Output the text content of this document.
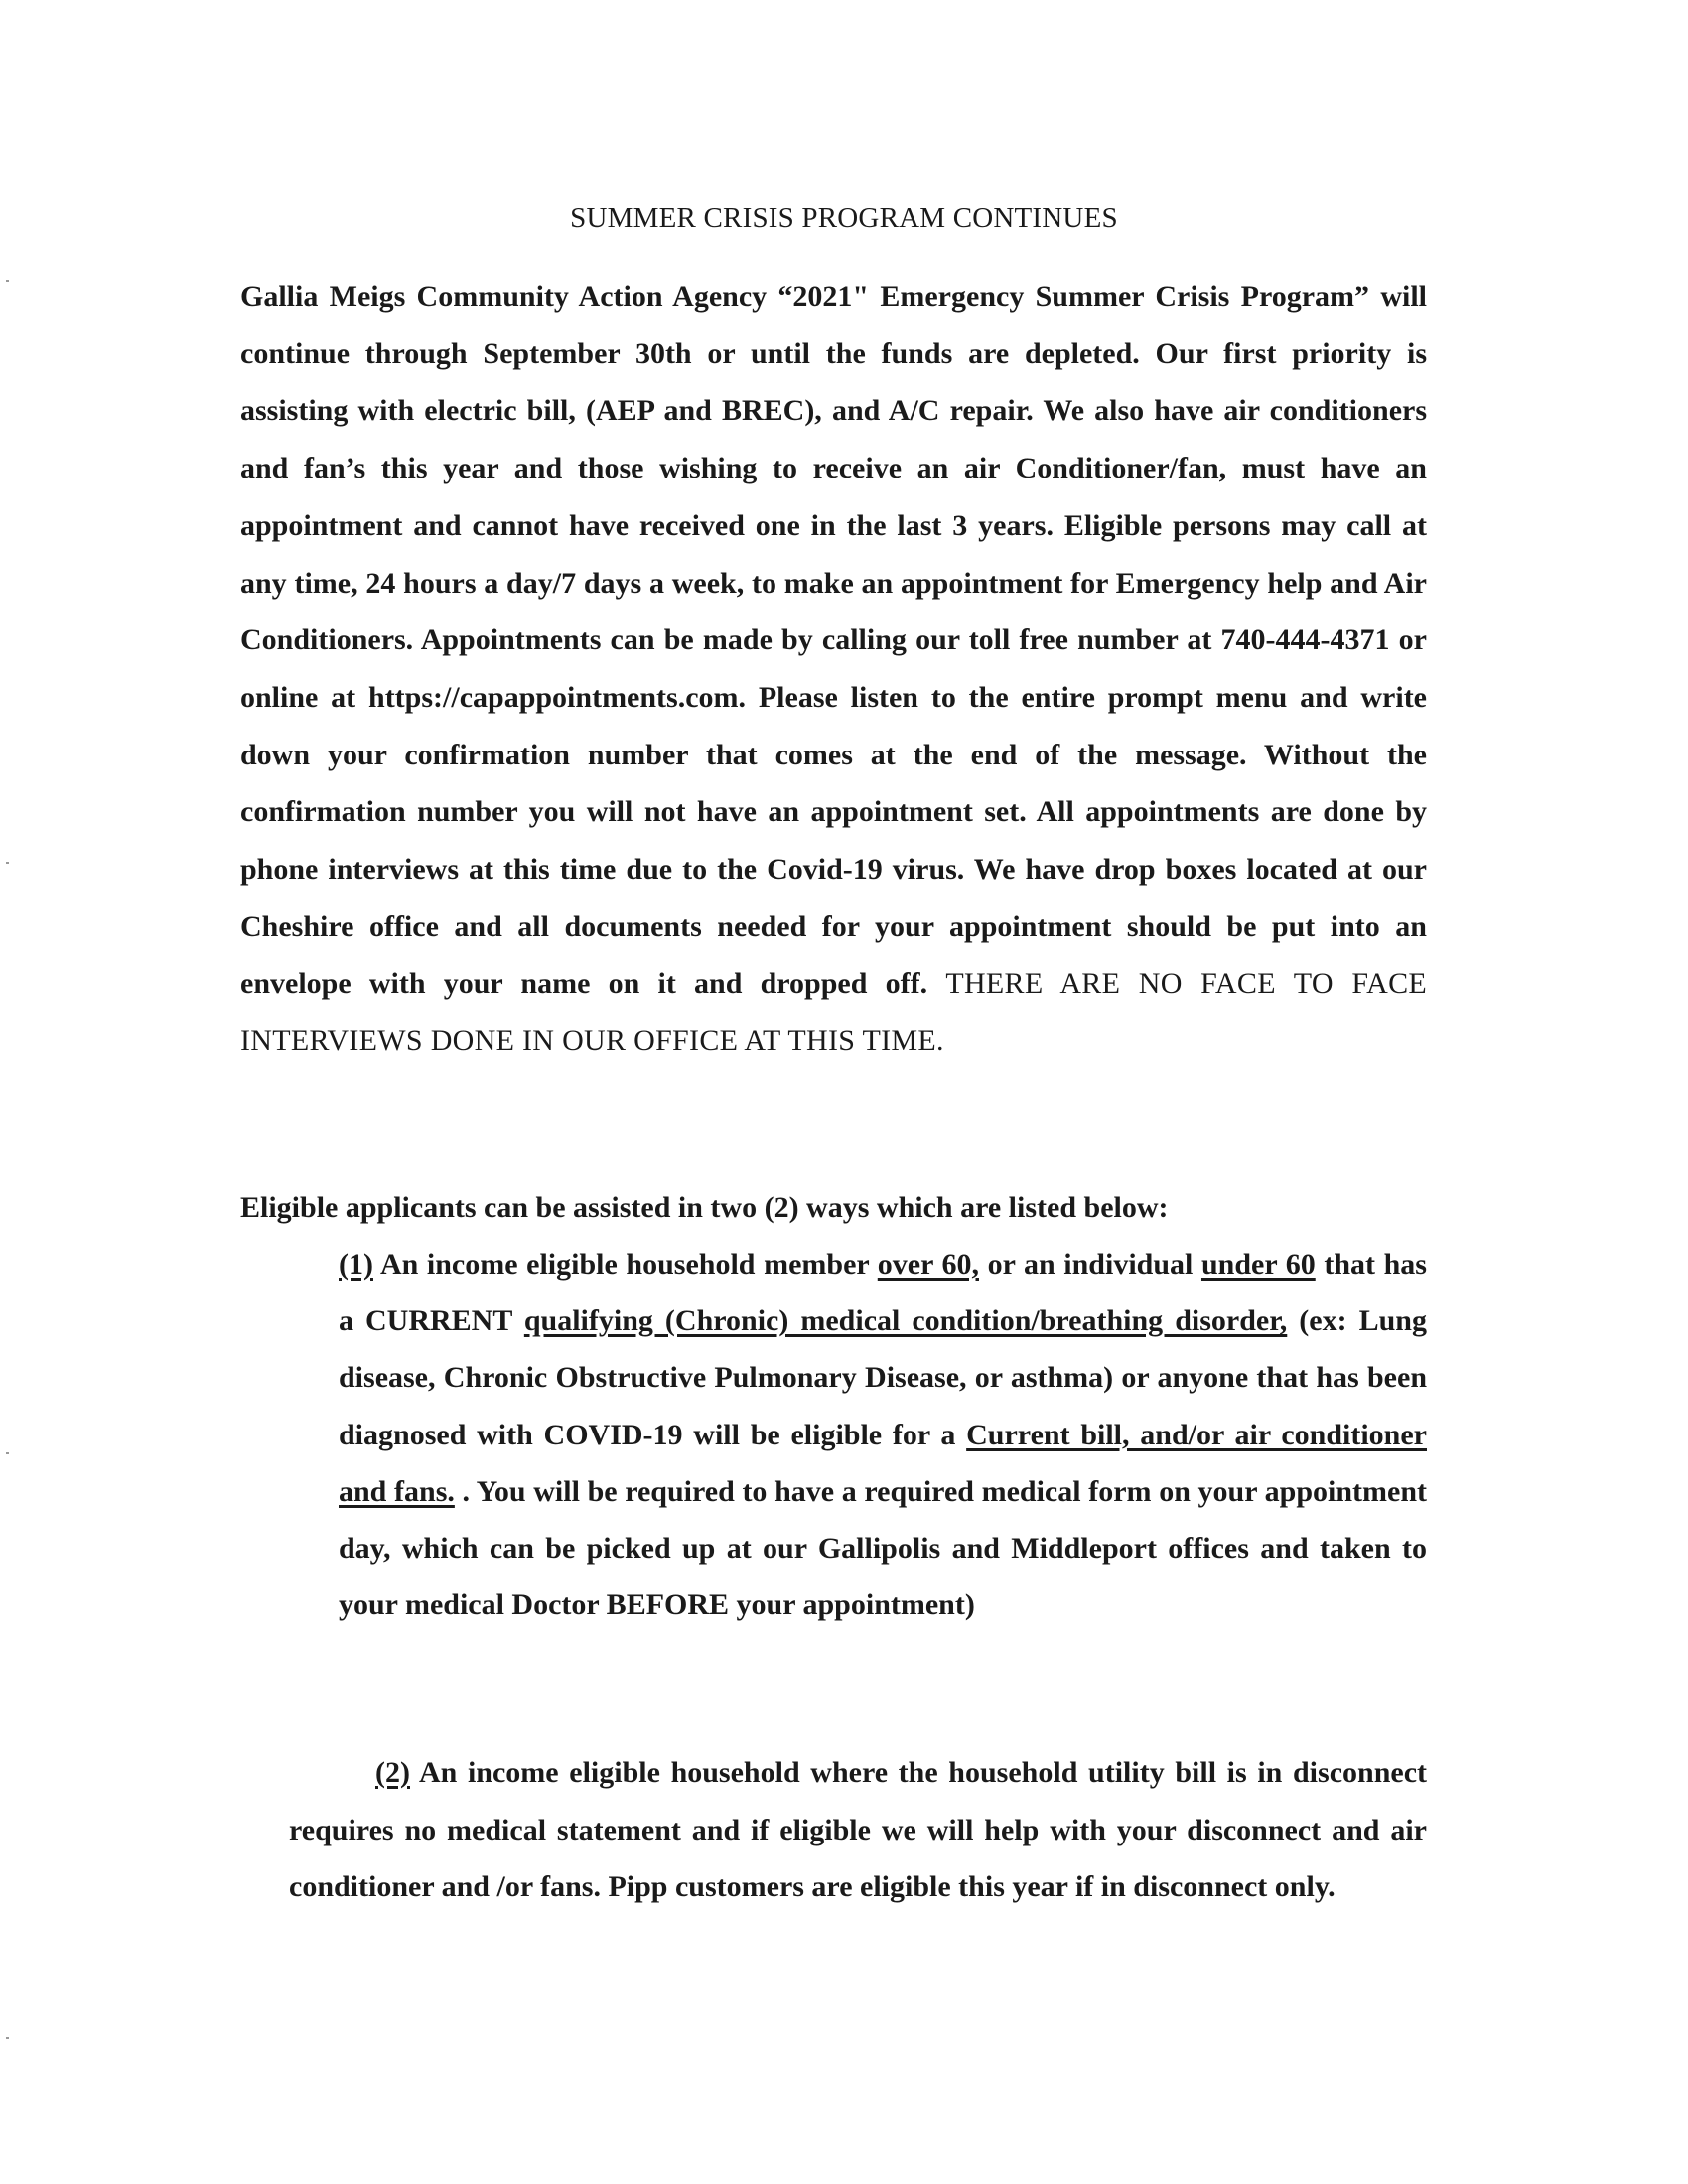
SUMMER CRISIS PROGRAM CONTINUES

Gallia Meigs Community Action Agency “2021" Emergency Summer Crisis Program” will continue through September 30th or until the funds are depleted. Our first priority is assisting with electric bill, (AEP and BREC), and A/C repair. We also have air conditioners and fan’s this year and those wishing to receive an air Conditioner/fan, must have an appointment and cannot have received one in the last 3 years. Eligible persons may call at any time, 24 hours a day/7 days a week, to make an appointment for Emergency help and Air Conditioners. Appointments can be made by calling our toll free number at 740-444-4371 or online at https://capappointments.com. Please listen to the entire prompt menu and write down your confirmation number that comes at the end of the message. Without the confirmation number you will not have an appointment set. All appointments are done by phone interviews at this time due to the Covid-19 virus. We have drop boxes located at our Cheshire office and all documents needed for your appointment should be put into an envelope with your name on it and dropped off. THERE ARE NO FACE TO FACE INTERVIEWS DONE IN OUR OFFICE AT THIS TIME.

Eligible applicants can be assisted in two (2) ways which are listed below:

(1) An income eligible household member over 60, or an individual under 60 that has a CURRENT qualifying (Chronic) medical condition/breathing disorder, (ex: Lung disease, Chronic Obstructive Pulmonary Disease, or asthma) or anyone that has been diagnosed with COVID-19 will be eligible for a Current bill, and/or air conditioner and fans. . You will be required to have a required medical form on your appointment day, which can be picked up at our Gallipolis and Middleport offices and taken to your medical Doctor BEFORE your appointment)

(2) An income eligible household where the household utility bill is in disconnect requires no medical statement and if eligible we will help with your disconnect and air conditioner and /or fans. Pipp customers are eligible this year if in disconnect only.
